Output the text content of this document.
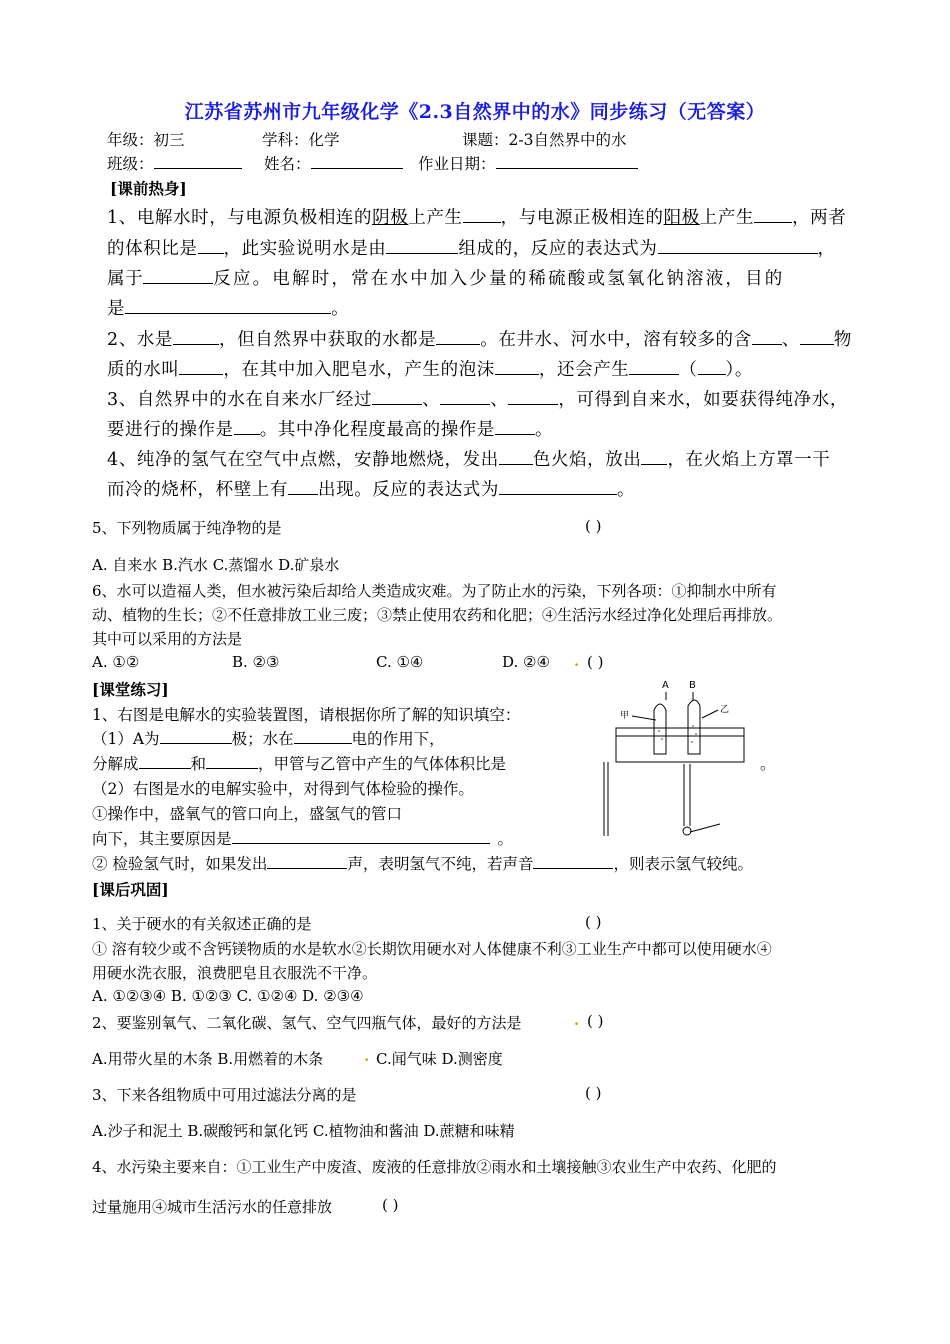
江苏省苏州市九年级化学《2.3自然界中的水》同步练习（无答案）
年级：初三	学科：化学	课题：2-3自然界中的水
班级：	姓名：	作业日期：
[课前热身]
1、电解水时，与电源负极相连的阴极上产生 ，与电源正极相连的阳极上产生 ，两者
的体积比是 ，此实验说明水是由	组成的，反应的表达式为	，
属于	反应。电解时，常在水中加入少量的稀硫酸或氢氧化钠溶液，目的
是	。
2、水是	，但自然界中获取的水都是	。在井水、河水中，溶有较多的含 、 物
质的水叫	，在其中加入肥皂水，产生的泡沫	，还会产生	（ ）。
3、自然界中的水在自来水厂经过	、	、	，可得到自来水，如要获得纯净水，
要进行的操作是 。其中净化程度最高的操作是 。
4、纯净的氢气在空气中点燃，安静地燃烧，发出 色火焰，放出 ，在火焰上方罩一干
而冷的烧杯，杯壁上有 出现。反应的表达式为	。
5、下列物质属于纯净物的是	( )
A. 自来水 B.汽水 C.蒸馏水 D.矿泉水
6、水可以造福人类，但水被污染后却给人类造成灾难。为了防止水的污染，下列各项：①抑制水中所有
动、植物的生长；②不任意排放工业三废；③禁止使用农药和化肥；④生活污水经过净化处理后再排放。
其中可以采用的方法是
A. ①②	B. ②③	C. ①④	D. ②④ . ( )
[课堂练习]
1、右图是电解水的实验装置图，请根据你所了解的知识填空：
（1）A为	极；水在	电的作用下，
分解成	和	，甲管与乙管中产生的气体体积比是	。
（2）右图是水的电解实验中，对得到气体检验的操作。
①操作中，盛氧气的管口向上，盛氢气的管口
向下，其主要原因是	。
② 检验氢气时，如果发出	声，表明氢气不纯，若声音	，则表示氢气较纯。
A B
甲
乙
[课后巩固]
1、关于硬水的有关叙述正确的是	( )
① 溶有较少或不含钙镁物质的水是软水②长期饮用硬水对人体健康不利③工业生产中都可以使用硬水④
用硬水洗衣服，浪费肥皂且衣服洗不干净。
A. ①②③④ B. ①②③ C. ①②④ D. ②③④
2、要鉴别氧气、二氧化碳、氢气、空气四瓶气体，最好的方法是	. ( )
A.用带火星的木条 B.用燃着的木条	. C.闻气味 D.测密度
3、下来各组物质中可用过滤法分离的是	( )
A.沙子和泥土 B.碳酸钙和氯化钙 C.植物油和酱油 D.蔗糖和味精
4、水污染主要来自：①工业生产中废渣、废液的任意排放②雨水和土壤接触③农业生产中农药、化肥的
过量施用④城市生活污水的任意排放	( )
